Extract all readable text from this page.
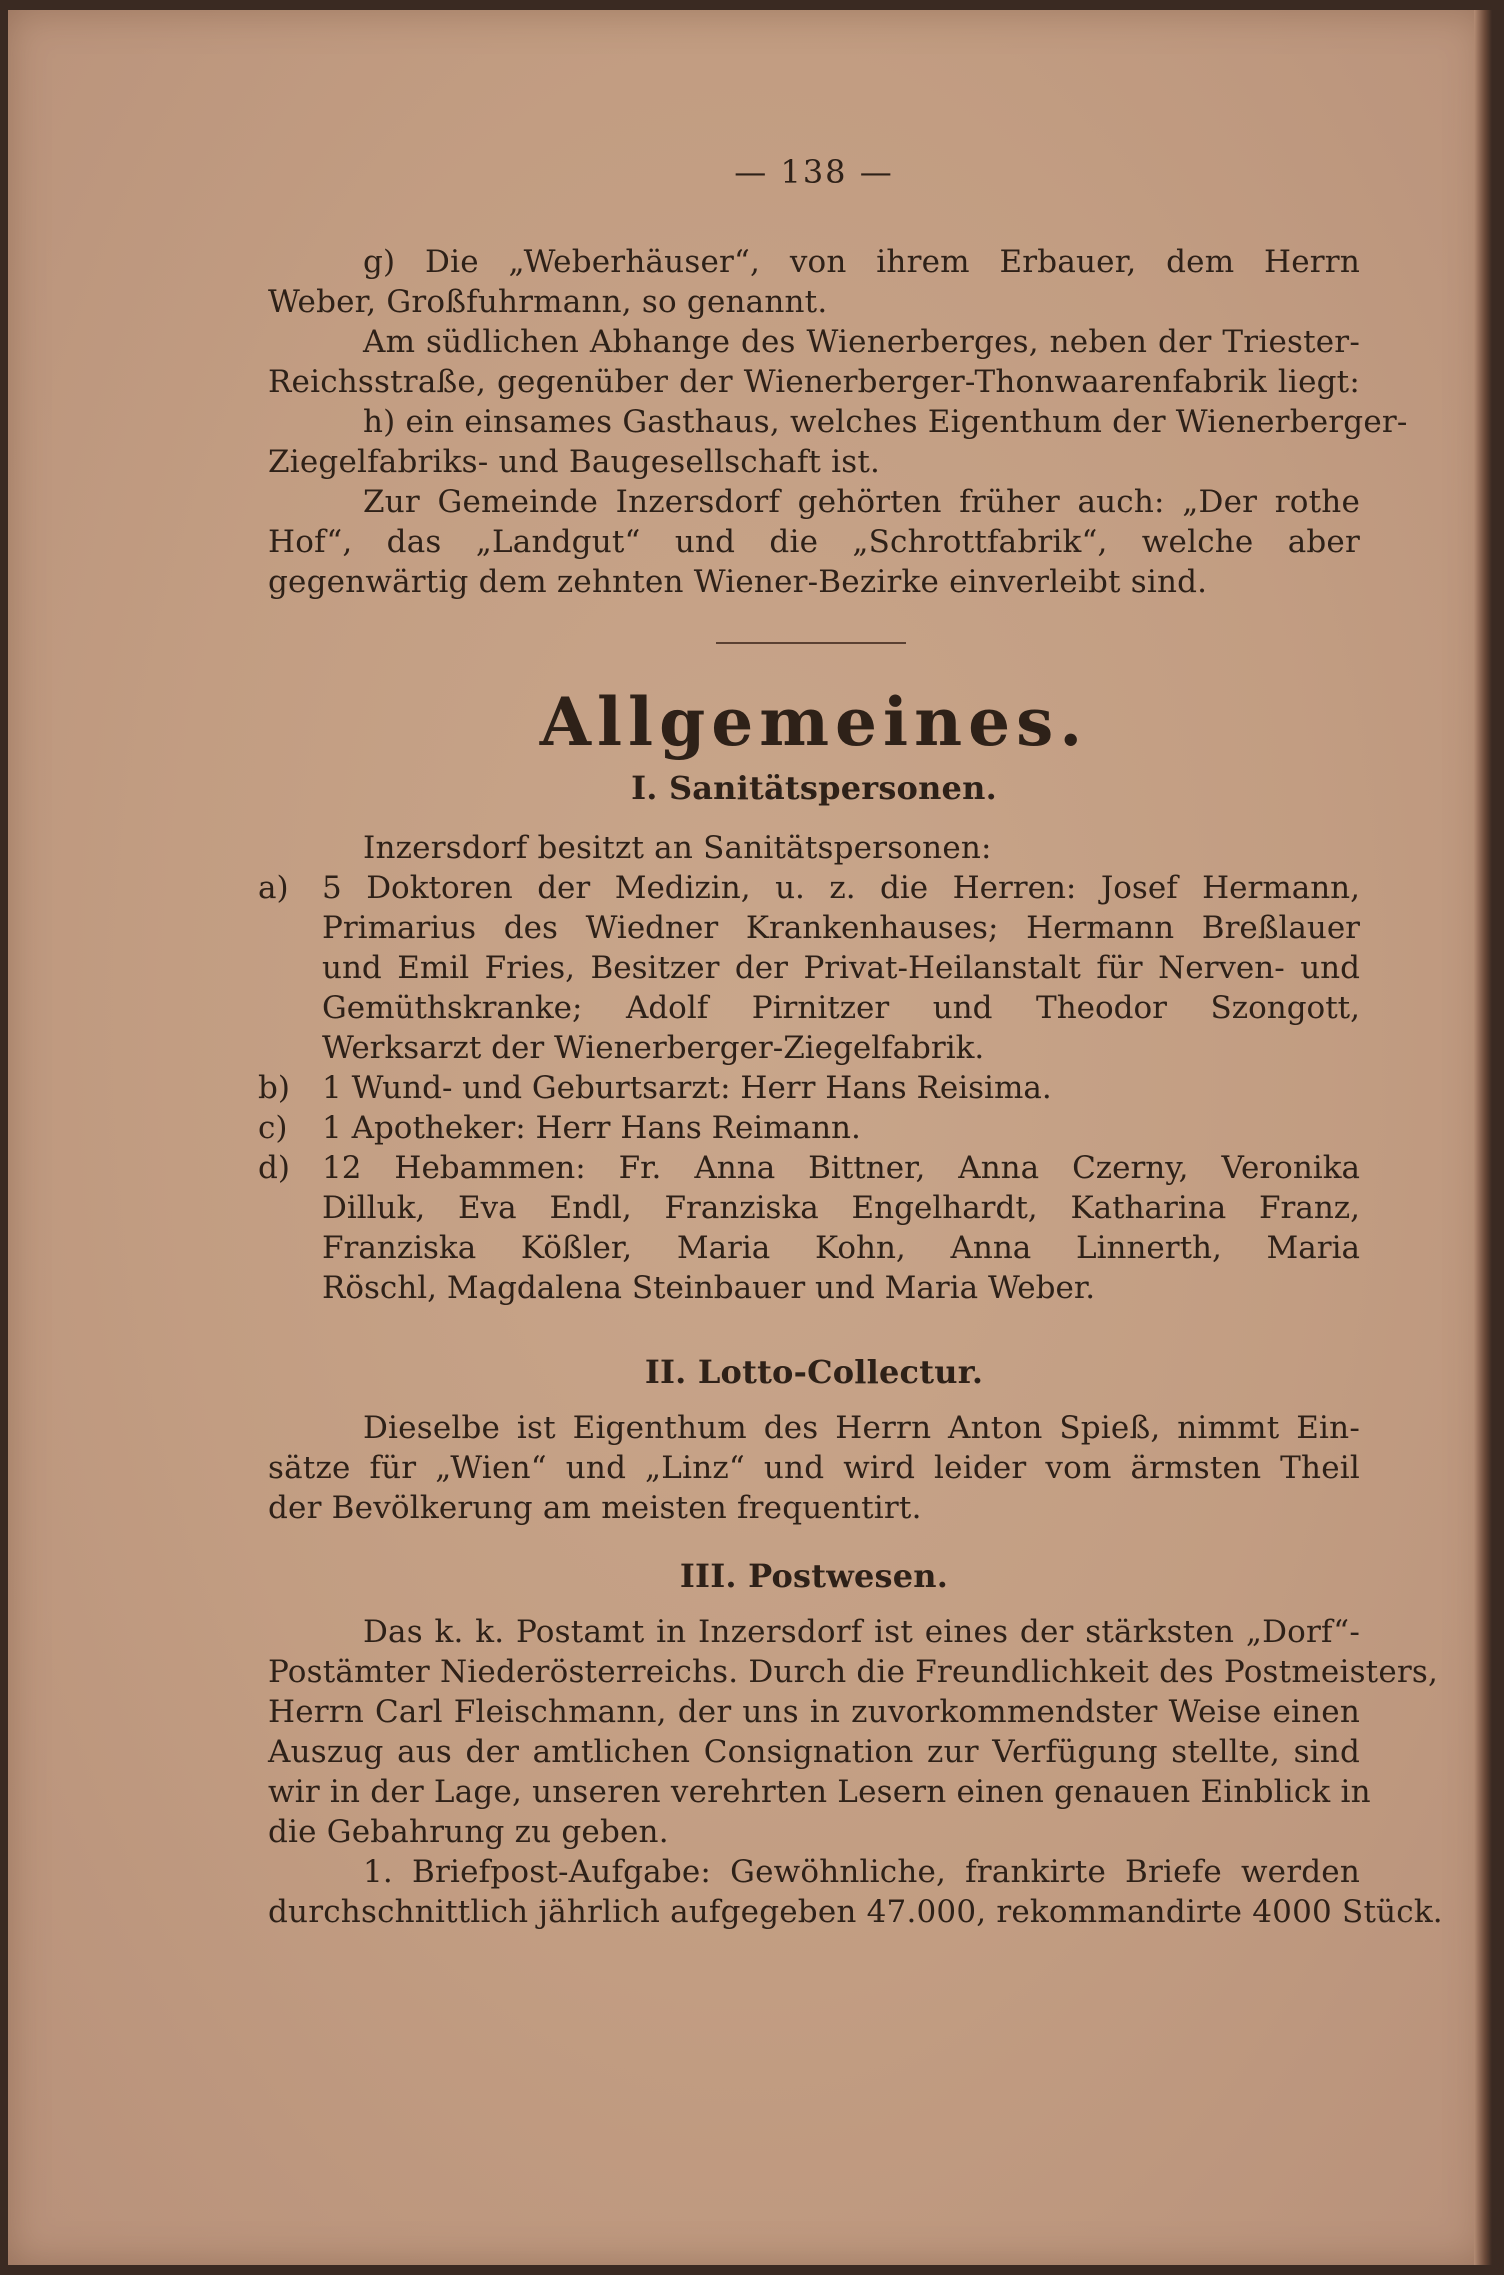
— 138 —
g) Die „Weberhäuser“, von ihrem Erbauer, dem Herrn
Weber, Großfuhrmann, so genannt.
Am südlichen Abhange des Wienerberges, neben der Triester-
Reichsstraße, gegenüber der Wienerberger-Thonwaarenfabrik liegt:
h) ein einsames Gasthaus, welches Eigenthum der Wienerberger-
Ziegelfabriks- und Baugesellschaft ist.
Zur Gemeinde Inzersdorf gehörten früher auch: „Der rothe
Hof“, das „Landgut“ und die „Schrottfabrik“, welche aber
gegenwärtig dem zehnten Wiener-Bezirke einverleibt sind.
Allgemeines.
I. Sanitätspersonen.
Inzersdorf besitzt an Sanitätspersonen:
a)	5 Doktoren der Medizin, u. z. die Herren: Josef Hermann,
Primarius des Wiedner Krankenhauses; Hermann Breßlauer
und Emil Fries, Besitzer der Privat-Heilanstalt für Nerven- und
Gemüthskranke; Adolf Pirnitzer und Theodor Szongott,
Werksarzt der Wienerberger-Ziegelfabrik.
b)	1 Wund- und Geburtsarzt: Herr Hans Reisima.
c)	1 Apotheker: Herr Hans Reimann.
d)	12 Hebammen: Fr. Anna Bittner, Anna Czerny, Veronika
Dilluk, Eva Endl, Franziska Engelhardt, Katharina Franz,
Franziska Kößler, Maria Kohn, Anna Linnerth, Maria
Röschl, Magdalena Steinbauer und Maria Weber.
II. Lotto-Collectur.
Dieselbe ist Eigenthum des Herrn Anton Spieß, nimmt Ein-
sätze für „Wien“ und „Linz“ und wird leider vom ärmsten Theil
der Bevölkerung am meisten frequentirt.
III. Postwesen.
Das k. k. Postamt in Inzersdorf ist eines der stärksten „Dorf“-
Postämter Niederösterreichs. Durch die Freundlichkeit des Postmeisters,
Herrn Carl Fleischmann, der uns in zuvorkommendster Weise einen
Auszug aus der amtlichen Consignation zur Verfügung stellte, sind
wir in der Lage, unseren verehrten Lesern einen genauen Einblick in
die Gebahrung zu geben.
1. Briefpost-Aufgabe: Gewöhnliche, frankirte Briefe werden
durchschnittlich jährlich aufgegeben 47.000, rekommandirte 4000 Stück.
